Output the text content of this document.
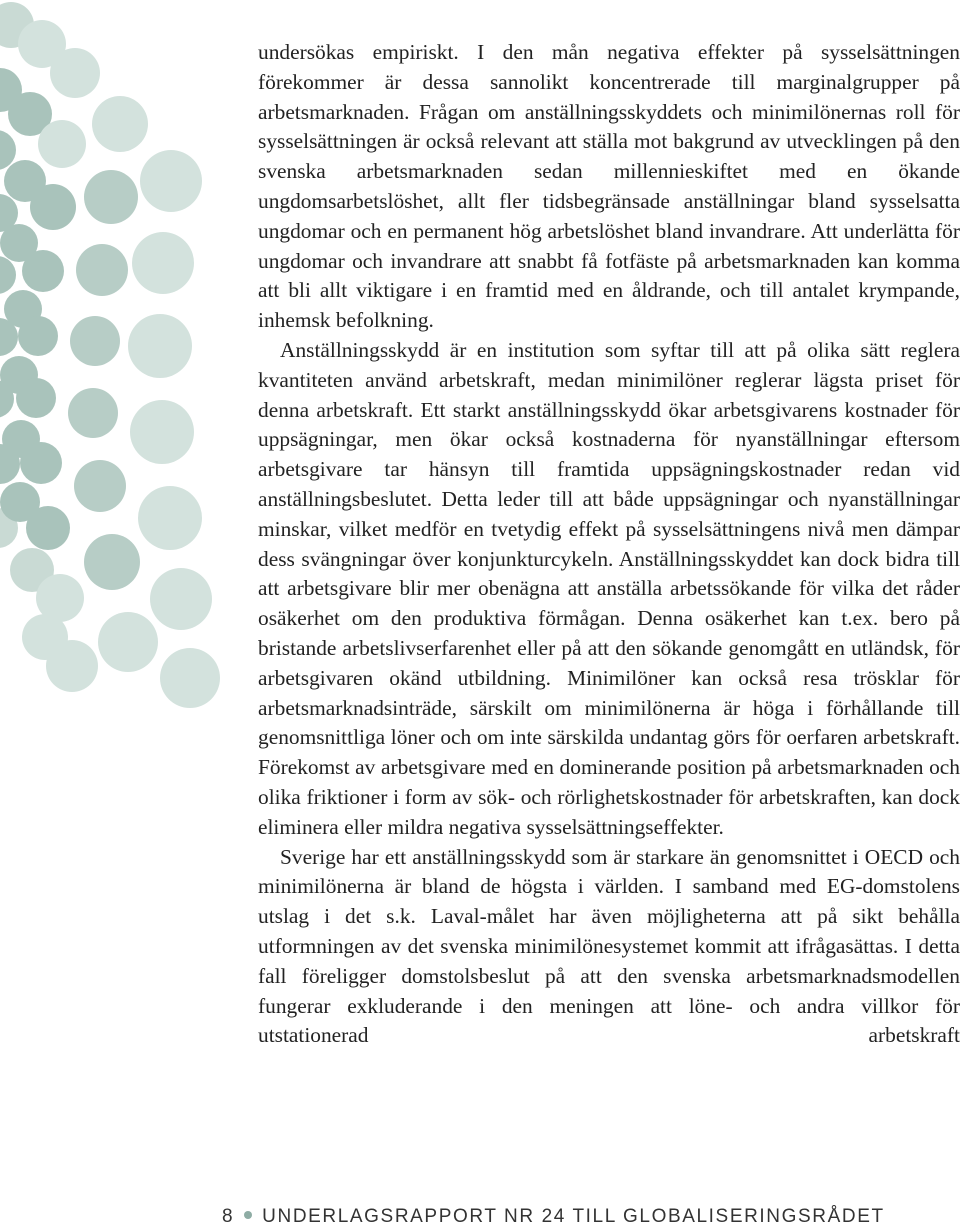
undersökas empiriskt. I den mån negativa effekter på sysselsättningen förekommer är dessa sannolikt koncentrerade till marginalgrupper på arbetsmarknaden. Frågan om anställningsskyddets och minimilönernas roll för sysselsättningen är också relevant att ställa mot bakgrund av utvecklingen på den svenska arbetsmarknaden sedan millennieskiftet med en ökande ungdomsarbetslöshet, allt fler tidsbegränsade anställningar bland sysselsatta ungdomar och en permanent hög arbetslöshet bland invandrare. Att underlätta för ungdomar och invandrare att snabbt få fotfäste på arbetsmarknaden kan komma att bli allt viktigare i en framtid med en åldrande, och till antalet krympande, inhemsk befolkning.

Anställningsskydd är en institution som syftar till att på olika sätt reglera kvantiteten använd arbetskraft, medan minimilöner reglerar lägsta priset för denna arbetskraft. Ett starkt anställningsskydd ökar arbetsgivarens kostnader för uppsägningar, men ökar också kostnaderna för nyanställningar eftersom arbetsgivare tar hänsyn till framtida uppsägningskostnader redan vid anställningsbeslutet. Detta leder till att både uppsägningar och nyanställningar minskar, vilket medför en tvetydig effekt på sysselsättningens nivå men dämpar dess svängningar över konjunkturcykeln. Anställningsskyddet kan dock bidra till att arbetsgivare blir mer obenägna att anställa arbetssökande för vilka det råder osäkerhet om den produktiva förmågan. Denna osäkerhet kan t.ex. bero på bristande arbetslivserfarenhet eller på att den sökande genomgått en utländsk, för arbetsgivaren okänd utbildning. Minimilöner kan också resa trösklar för arbetsmarknadsinträde, särskilt om minimilönerna är höga i förhållande till genomsnittliga löner och om inte särskilda undantag görs för oerfaren arbetskraft. Förekomst av arbetsgivare med en dominerande position på arbetsmarknaden och olika friktioner i form av sök- och rörlighetskostnader för arbetskraften, kan dock eliminera eller mildra negativa sysselsättningseffekter.

Sverige har ett anställningsskydd som är starkare än genomsnittet i OECD och minimilönerna är bland de högsta i världen. I samband med EG-domstolens utslag i det s.k. Laval-målet har även möjligheterna att på sikt behålla utformningen av det svenska minimilönesystemet kommit att ifrågasättas. I detta fall föreligger domstolsbeslut på att den svenska arbetsmarknadsmodellen fungerar exkluderande i den meningen att löne- och andra villkor för utstationerad arbetskraft

8 UNDERLAGSRAPPORT NR 24 TILL GLOBALISERINGSRÅDET
